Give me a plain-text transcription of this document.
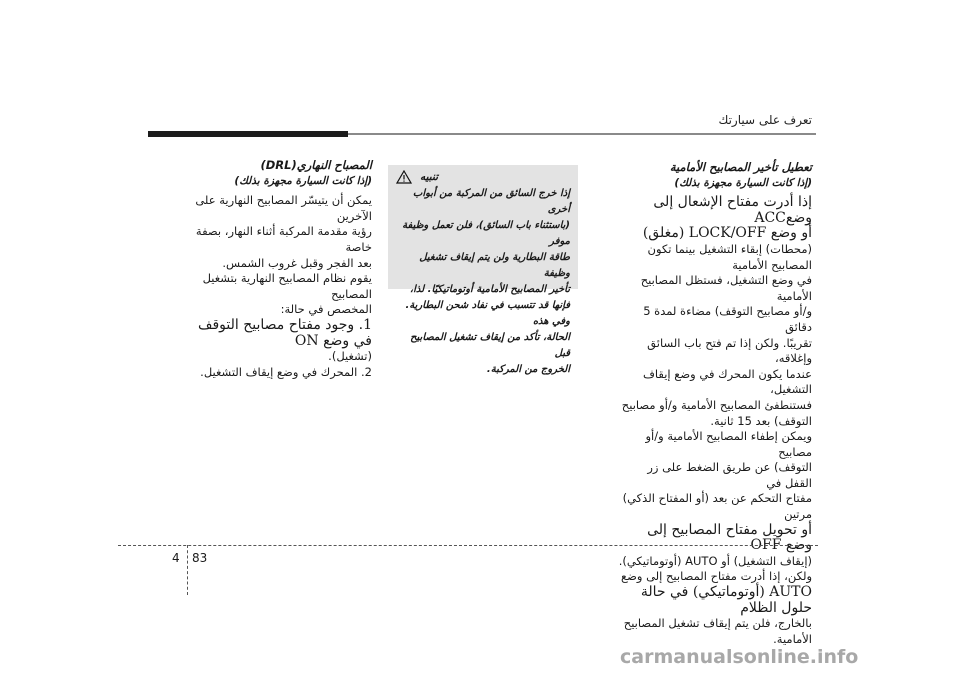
تعرف على سيارتك
تعطيل تأخير المصابيح الأمامية
(إذا كانت السيارة مجهزة بذلك)
إذا أدرت مفتاح الإشعال إلى وضعACC
أو وضع LOCK/OFF (مغلق)
(محطات) إبقاء التشغيل بينما تكون المصابيح الأمامية
في وضع التشغيل، فستظل المصابيح الأمامية
و/أو مصابيح التوقف) مضاءة لمدة 5 دقائق
تقريبًا. ولكن إذا تم فتح باب السائق وإغلاقه،
عندما يكون المحرك في وضع إيقاف التشغيل،
فستنطفئ المصابيح الأمامية و/أو مصابيح
التوقف) بعد 15 ثانية.
ويمكن إطفاء المصابيح الأمامية و/أو مصابيح
التوقف) عن طريق الضغط على زر القفل في
مفتاح التحكم عن بعد (أو المفتاح الذكي) مرتين
أو تحويل مفتاح المصابيح إلى وضع OFF
(إيقاف التشغيل) أو AUTO (أوتوماتيكي).
ولكن، إذا أدرت مفتاح المصابيح إلى وضع
AUTO (أوتوماتيكي) في حالة حلول الظلام
بالخارج، فلن يتم إيقاف تشغيل المصابيح
الأمامية.
تنبيه
إذا خرج السائق من المركبة من أبواب أخرى
(باستثناء باب السائق)، فلن تعمل وظيفة موفر
طاقة البطارية ولن يتم إيقاف تشغيل وظيفة
تأخير المصابيح الأمامية أوتوماتيكيًا. لذا،
فإنها قد تتسبب في نفاد شحن البطارية. وفي هذه
الحالة، تأكد من إيقاف تشغيل المصابيح قبل
الخروج من المركبة.
المصباح النهاري(DRL)
(إذا كانت السيارة مجهزة بذلك)
يمكن أن يتيسّر المصابيح النهارية على الآخرين
رؤية مقدمة المركبة أثناء النهار، بصفة خاصة
بعد الفجر وقبل غروب الشمس.
يقوم نظام المصابيح النهارية بتشغيل المصابيح
المخصص في حالة:
1. وجود مفتاح مصابيح التوقف في وضع ON
(تشغيل).
2. المحرك في وضع إيقاف التشغيل.
4 83
carmanualsonline.info
